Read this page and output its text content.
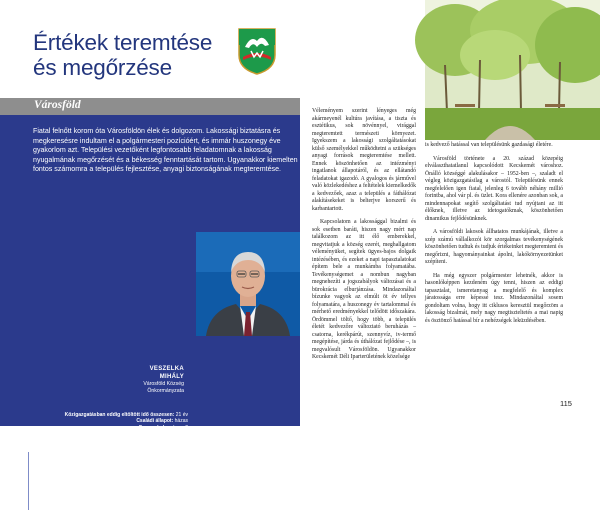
Értékek teremtése
és megőrzése
Városföld

Fiatal felnőtt korom óta Városföldön élek és dolgozom. Lakossági biztatásra és megkeresésre indultam el a polgármesteri pozícióért, és immár huszonegy éve gyakorlom azt. Települési vezetőként legfontosabb feladatomnak a lakosság nyugalmának megőrzését és a békesség fenntartását tartom. Ugyanakkor kiemelten fontos számomra a település fejlesztése, anyagi biztonságának megteremtése.

VESZELKA MIHÁLY
Városföld Község
Önkormányzata
Közigazgatásban eddig eltöltött idő összesen: 21 év
Családi állapot: házas
Gyermekek száma: 2

„A városföldi lakosok állhatatos munkájának, illetve a szép számú vállalkozói kör szorgalmas tevékenységének köszönhetően tudtuk és tudjuk értékeinket megteremteni és megőrizni, hagyományainkat ápolni, lakókörnyezetünket szépíteni.”

Véleményem szerint lényeges még akármeyenél kultúra javítása, a tiszta és esztétikus, sok növénnyel, virággal megteremtett természeti környezet. Igyekszem a lakossági szolgáltatásokat külső személyekkel működtetni a szükséges anyagi források megteremtése mellett. Ennek köszönhetően az intézményi ingatlanok állapotáról, és az ellátandó feladatokat igazodó. A gyalogos és járművel való közlekedéshez a feltételek kiemelkedők a kedvezőek, azaz a település a fáthálózat alakításekeket is belterjve korszerű és karbantartott.

Kapcsolatom a lakossággal bizalmi és sok esetben baráti, hiszen nagy mért nap találkozom az itt élő emberekkel, megvitatjuk a község ezerét, meghallgatom véleményüket, segítek ügyes-bajos dolgaik intézésében, és ezeket a napi tapasztalatokat építem bele a munkámba folyamatába. Tevékenységemet a nombun nagyban megnehezíti a jogszabályok változásai és a bürokrácia elburjánzása. Mindazonáltal bízunke vagyok az elmúlt öt év tellyes folyamatára, a huszonegy év tartalommal és mérhető eredményekkel telődött időszakára. Ördömmel töltő, hogy több, a település életét kedvezőre változtató beruházás – csatorna, kerékpárút, szennyvíz, iv-termő megépítése, járda és úthálózat fejlődése –, is megvalósult Városföldön. Ugyanakkor Kecskemét Déli Iparterületének közelsége

is kedvező hatással van településünk gazdasági életére.

Városföld története a 20. század közepéig elválaszthatatlanul kapcsolódott Kecskemét városhoz. Önálló községgé alakulásakor – 1952-ben –, szaladt el végleg közigazgatásilag a várostól. Településünk ennek megfelelően igen fiatal, jelenleg 6 tovább néhány millió forintba, ahol vár pl. és üzlet. Kora ellenére azonban sok, a mindennapokat segítő szolgáltatást tud nyújtani az itt élőknek, illetve az idetogatókmak, köszönhetően dinamikus fejlődésünknek.

A városföldi lakosok állhatatos munkájának, illetve a szép számú vállalkozói kör szorgalmas tevékenységének köszönhetően tudtuk és tudjuk értékeinket megteremteni és megőrizni, hagyományainkat ápolni, lakókörnyezetünket szépíteni.

Ha még egyszer polgármester lehetnék, akkor is hasonlóképpen kezdeném úgy tenni, hiszen az eddigi tapasztalat, ismeretanyag a megfelelő és komplex járatossága erre képessé tesz. Mindazonáltal sosem gondoltam volna, hogy itt ciklusos keresztül megőrzöm a lakosság bizalmát, mely nagy megtiszteltetés a mai napig és ösztönző hatással bír a nehézségek leküzdésében.

115
